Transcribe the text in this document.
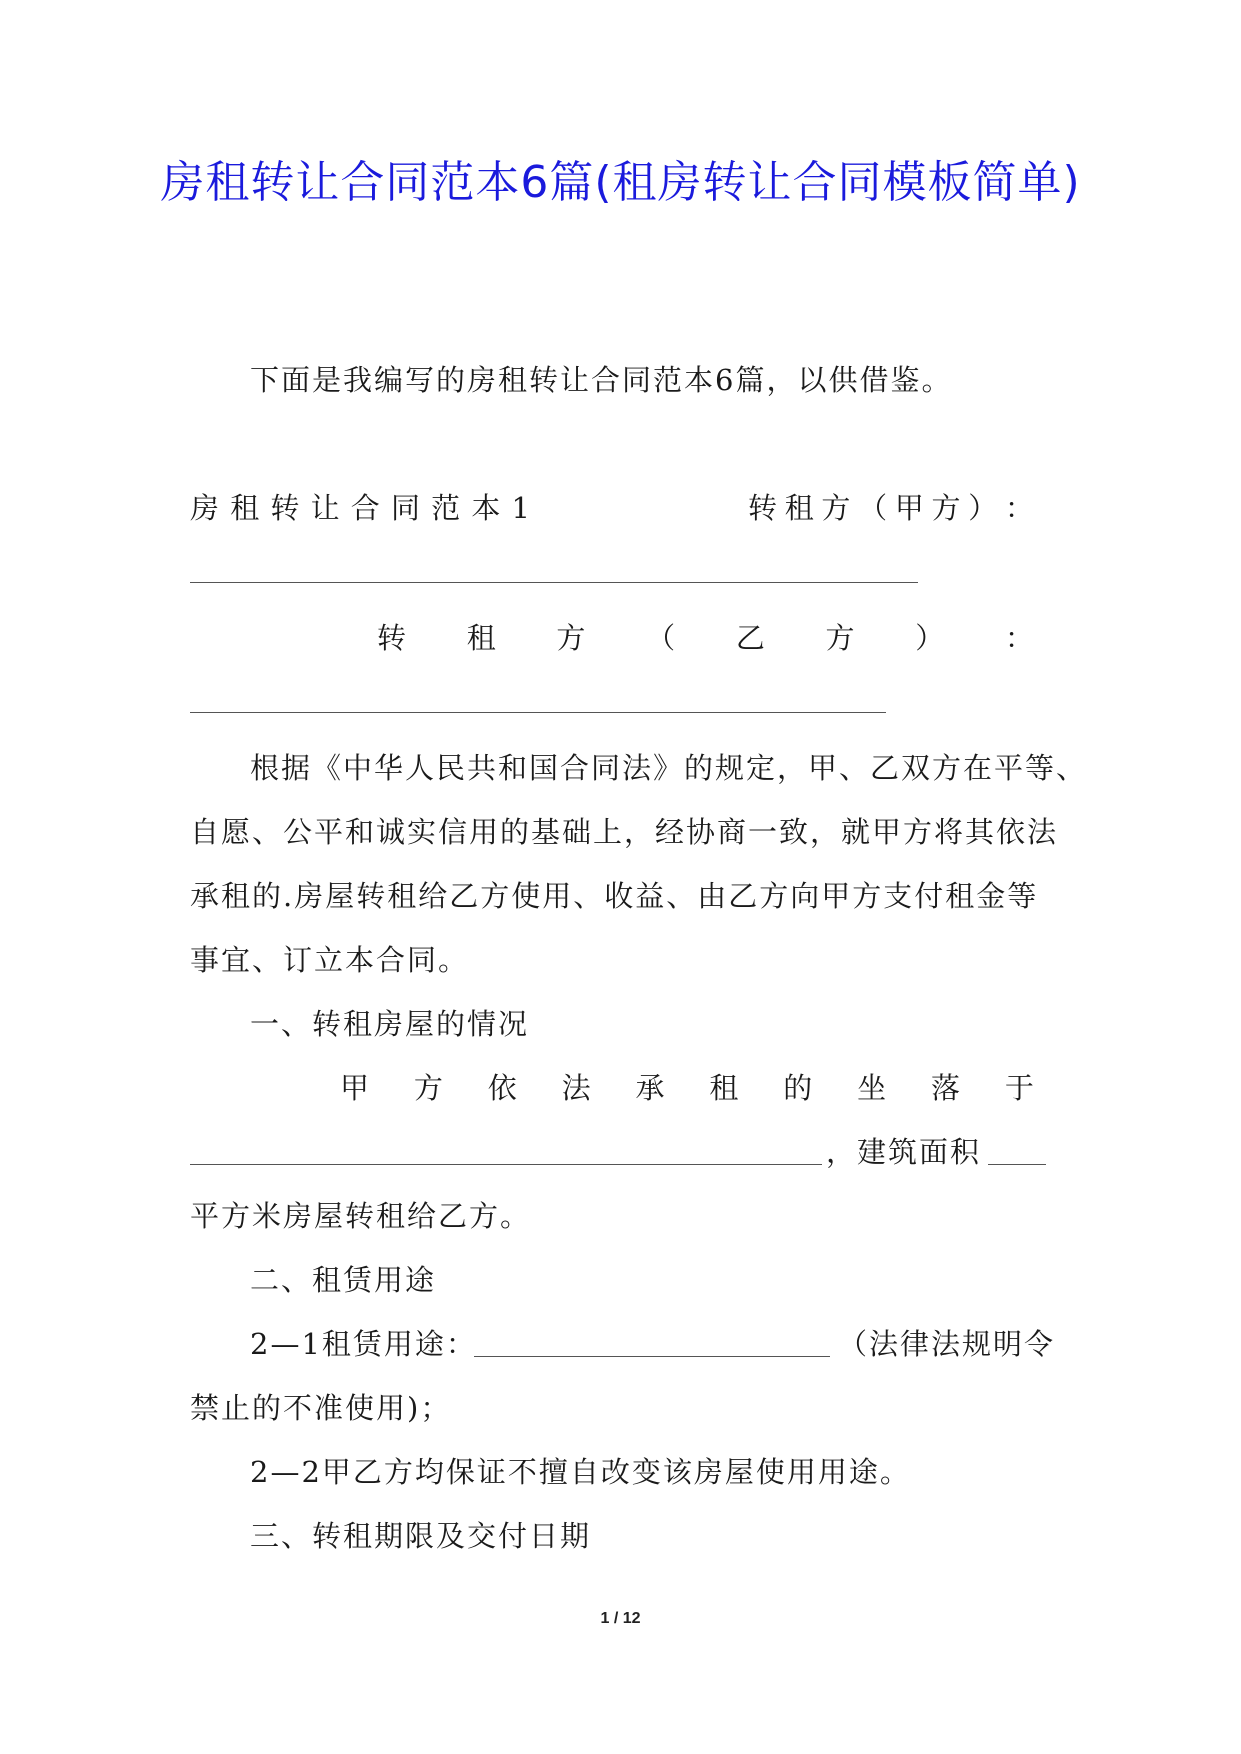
房租转让合同范本6篇(租房转让合同模板简单)
下面是我编写的房租转让合同范本6篇，以供借鉴。
房 租 转 让 合 同 范 本 1	转 租 方 （ 甲 方 ） ：
转 租 方 （ 乙 方 ） ：
根据《中华人民共和国合同法》的规定，甲、乙双方在平等、
自愿、公平和诚实信用的基础上，经协商一致，就甲方将其依法
承租的.房屋转租给乙方使用、收益、由乙方向甲方支付租金等
事宜、订立本合同。
一、转租房屋的情况
甲 方 依 法 承 租 的 坐 落 于
，建筑面积
平方米房屋转租给乙方。
二、租赁用途
2—1租赁用途：	（法律法规明令
禁止的不准使用)；
2—2甲乙方均保证不擅自改变该房屋使用用途。
三、转租期限及交付日期
1 / 12
